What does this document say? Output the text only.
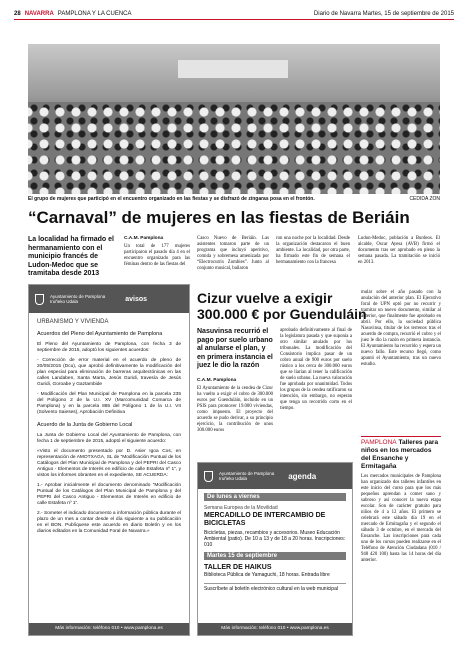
28 NAVARRA PAMPLONA Y LA CUENCA	Diario de Navarra Martes, 15 de septiembre de 2015
El grupo de mujeres que participó en el encuentro organizado en las fiestas y se disfrazó de zíngaras posa en el frontón.	CEDIDA ZON
“Carnaval” de mujeres en las fiestas de Beriáin
La localidad ha firmado el hermanamiento con el municipio francés de Ludon-Medoc que se tramitaba desde 2013
C.A.M. Pamplona
Un total de 177 mujeres participaron el pasado día 4 en el encuentro organizado para las féminas dentro de las fiestas del
Casco Nuevo de Beriáin. Las asistentes tomaron parte de un programa que incluyó aperitivo, comida y sobremesa amenizada por “Electrocutrix Zombies”. Junto al conjunto musical, bailaron
ron una noche por la localidad. Desde la organización destacaron el buen ambiente. La localidad, por otra parte, ha firmado este fin de semana el hermanamiento con la francesa
Ludon-Medoc, población a Burdeos. El alcalde, Oscar Ayesa (AVB) firmó el documento tras ser aprobado en pleno la semana pasada. La tramitación se inició en 2013.
Ayuntamiento de Pamplona
Iruñeko Udala	avisos
URBANISMO Y VIVIENDA
Acuerdos del Pleno del Ayuntamiento de Pamplona
El Pleno del Ayuntamiento de Pamplona, con fecha 3 de septiembre de 2015, adoptó los siguientes acuerdos:
- Corrección de error material en el acuerdo de pleno de 20/05/2015 (Dcu), que aprobó definitivamente la modificación del plan especial para eliminación de barreras arquitectónicas en las calles Landaben, Santa Marta, Jesús Guridi, travesía de Jesús Guridi, Goroabe y Gaztambide
- Modificación del Plan Municipal de Pamplona en la parcela 235 del Polígono 2 de la U.I. XV (Marcomunidad Comarca de Pamplona) y en la parcela 865 del Polígono 1 de la U.I. VII (Solvento Saieses), Aprobación Definitiva
Acuerdo de la Junta de Gobierno Local
La Junta de Gobierno Local del Ayuntamiento de Pamplona, con fecha 1 de septiembre de 2015, adoptó el siguiente acuerdo:
«Visto el documento presentado por D. Asier Igoa Cos, en representación de AMOTXAGA, SL de “Modificación Puntual de los Catálogos del Plan Municipal de Pamplona y del PEPRI del Casco Antiguo - Elementos de Interés en edificio de calle Estafeta nº 1”, y vistos los informes obrantes en el expediente, SE ACUERDA:
1.- Aprobar inicialmente el documento denominado “Modificación Puntual de los Catálogos del Plan Municipal de Pamplona y del PEPRI del Casco Antiguo - Elementos de Interés en edificio de calle Estafeta nº 1”.
2.- Someter el indicado documento a información pública durante el plazo de un mes a contar desde el día siguiente a su publicación en el BON. Publíquese este acuerdo en diario Boletín y en los diarios editados en la Comunidad Foral de Navarra.»
Más información: teléfono 010 • www.pamplona.es
Cizur vuelve a exigir
300.000 € por Guenduláin
Nasuvinsa recurrió el pago por suelo urbano al anularse el plan, y en primera instancia el juez le dio la razón
C.A.M. Pamplona
El Ayuntamiento de la cendea de Cizur ha vuelto a exigir el cobro de 300.000 euros por Guenduláin, incluido en un PSIS para promover 19.000 viviendas, como impuesto. El proyecto del acuerdo se pudo derivar, a su principio ejercicio, la contribución de unos 300.000 euros
aprobado definitivamente al final de la legislatura pasada y que suponía a otro similar anulado por los tribunales. La modificación del Consistorio implica pasar de un cobro anual de 900 euros por suelo rústico a los cerca de 300.000 euros que se liarían al tener la calificación de suelo urbano. La nueva valoración fue aprobada por unanimidad. Todos los grupos de la cendea ratificaron su intención, sin embargo, no esperan que tenga un recorrido corto en el tiempo.
mular sobre el año pasado con la anulación del anterior plan. El Ejecutivo foral de UPN optó por no recurrir y tramitar un nuevo documento, similar al anterior, que finalmente fue aprobado en abril. Por ello, la sociedad pública Nasuvinsa, titular de los terrenos tras el acuerdo de compra, recurrió el cobro y el juez le dio la razón en primera instancia. El Ayuntamiento ha recurrido y espera un nuevo fallo. Este recurso llegó, como apuntó el Ayuntamiento, tras un nuevo estudio.
PAMPLONA Talleres para niños en los mercados del Ensanche y Ermitagaña
Los mercados municipales de Pamplona han organizado dos talleres infantiles en este inicio del curso para que los más pequeños aprendan a comer sano y sabroso y así conocer la nueva etapa escolar. Son de carácter gratuito para niños de 4 a 12 años. El primero se celebrará este sábado día 19 en el mercado de Ermitagaña y el segundo el sábado 3 de octubre, en el mercado del Ensanche. Las inscripciones para cada uno de los cursos pueden realizarse en el Teléfono de Atención Ciudadana (010 / 948 420 100) hasta las 14 horas del día anterior.
Ayuntamiento de Pamplona
Iruñeko Udala	agenda
De lunes a viernes
Semana Europea de la Movilidad
MERCADILLO DE INTERCAMBIO DE BICICLETAS
Bicicletas, piezas, recambios y accesorios. Museo Educación Ambiental (patio). De 10 a 13 y de 18 a 20 horas. Inscripciones: 010
Martes 15 de septiembre
TALLER DE HAIKUS
Biblioteca Pública de Yamaguchi, 18 horas. Entrada libre
Suscríbete al boletín electrónico cultural en la web municipal
Más información: teléfono 010 • www.pamplona.es
